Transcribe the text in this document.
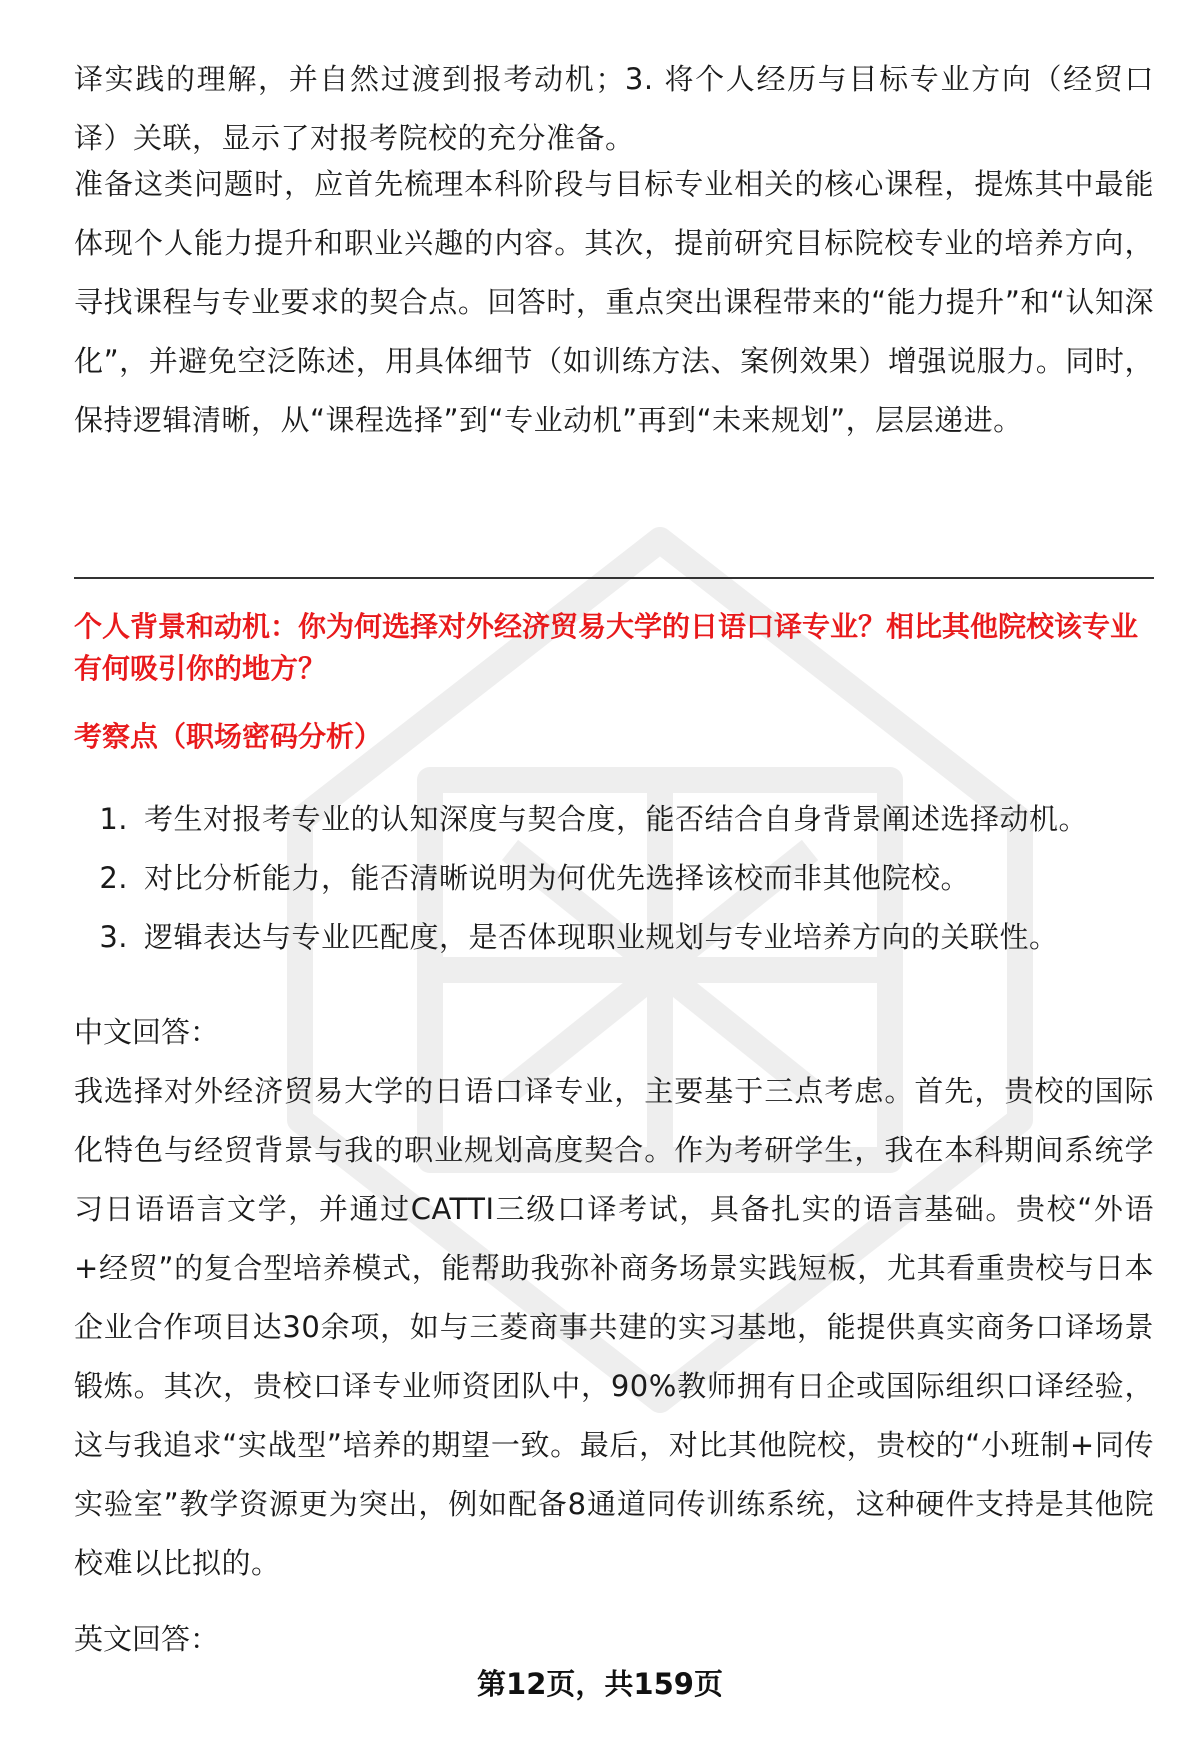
译实践的理解，并自然过渡到报考动机；3. 将个人经历与目标专业方向（经贸口译）关联，显示了对报考院校的充分准备。

准备这类问题时，应首先梳理本科阶段与目标专业相关的核心课程，提炼其中最能体现个人能力提升和职业兴趣的内容。其次，提前研究目标院校专业的培养方向，寻找课程与专业要求的契合点。回答时，重点突出课程带来的“能力提升”和“认知深化”，并避免空泛陈述，用具体细节（如训练方法、案例效果）增强说服力。同时，保持逻辑清晰，从“课程选择”到“专业动机”再到“未来规划”，层层递进。

个人背景和动机：你为何选择对外经济贸易大学的日语口译专业？相比其他院校该专业有何吸引你的地方？

考察点（职场密码分析）

1. 考生对报考专业的认知深度与契合度，能否结合自身背景阐述选择动机。
2. 对比分析能力，能否清晰说明为何优先选择该校而非其他院校。
3. 逻辑表达与专业匹配度，是否体现职业规划与专业培养方向的关联性。

中文回答：

我选择对外经济贸易大学的日语口译专业，主要基于三点考虑。首先，贵校的国际化特色与经贸背景与我的职业规划高度契合。作为考研学生，我在本科期间系统学习日语语言文学，并通过CATTI三级口译考试，具备扎实的语言基础。贵校“外语+经贸”的复合型培养模式，能帮助我弥补商务场景实践短板，尤其看重贵校与日本企业合作项目达30余项，如与三菱商事共建的实习基地，能提供真实商务口译场景锻炼。其次，贵校口译专业师资团队中，90%教师拥有日企或国际组织口译经验，这与我追求“实战型”培养的期望一致。最后，对比其他院校，贵校的“小班制+同传实验室”教学资源更为突出，例如配备8通道同传训练系统，这种硬件支持是其他院校难以比拟的。

英文回答：

第12页，共159页
